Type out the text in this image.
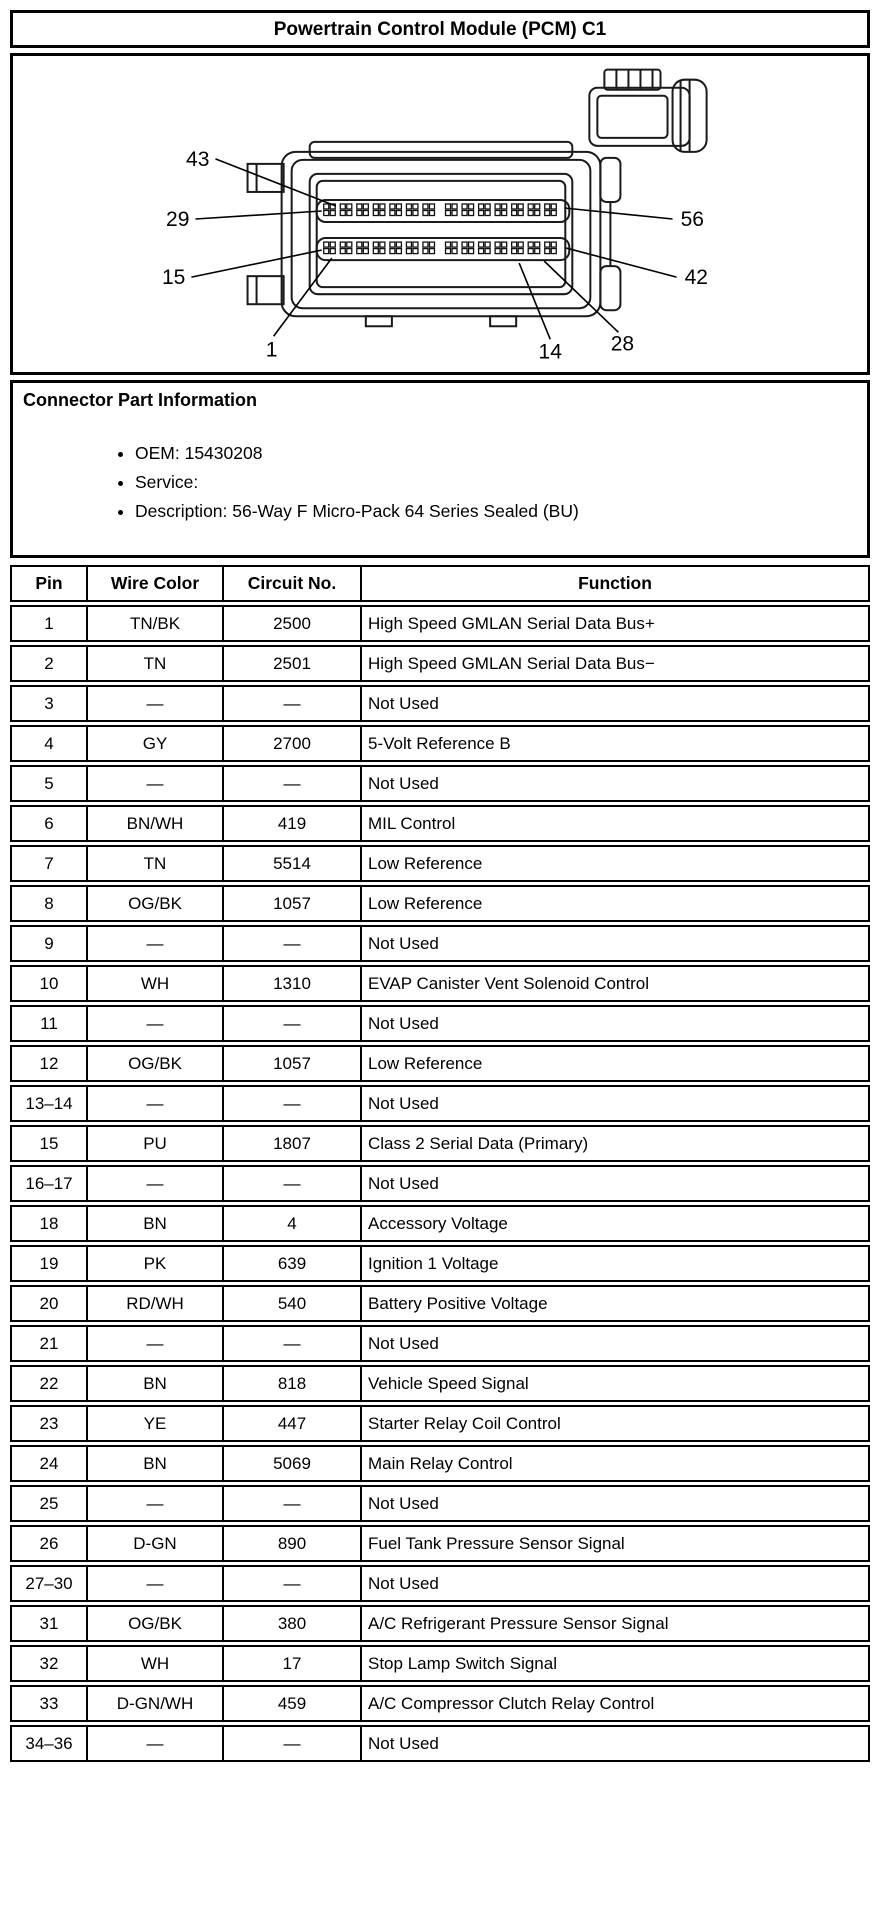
Powertrain Control Module (PCM) C1
43
29
15
1	14 28
56
42
Connector Part Information
• OEM: 15430208
• Service:
• Description: 56-Way F Micro-Pack 64 Series Sealed (BU)
Pin	Wire Color	Circuit No.	Function
1	TN/BK	2500	High Speed GMLAN Serial Data Bus+
2	TN	2501	High Speed GMLAN Serial Data Bus−
3	—	—	Not Used
4	GY	2700	5-Volt Reference B
5	—	—	Not Used
6	BN/WH	419	MIL Control
7	TN	5514	Low Reference
8	OG/BK	1057	Low Reference
9	—	—	Not Used
10	WH	1310	EVAP Canister Vent Solenoid Control
11	—	—	Not Used
12	OG/BK	1057	Low Reference
13–14	—	—	Not Used
15	PU	1807	Class 2 Serial Data (Primary)
16–17	—	—	Not Used
18	BN	4	Accessory Voltage
19	PK	639	Ignition 1 Voltage
20	RD/WH	540	Battery Positive Voltage
21	—	—	Not Used
22	BN	818	Vehicle Speed Signal
23	YE	447	Starter Relay Coil Control
24	BN	5069	Main Relay Control
25	—	—	Not Used
26	D-GN	890	Fuel Tank Pressure Sensor Signal
27–30	—	—	Not Used
31	OG/BK	380	A/C Refrigerant Pressure Sensor Signal
32	WH	17	Stop Lamp Switch Signal
33	D-GN/WH	459	A/C Compressor Clutch Relay Control
34–36	—	—	Not Used
